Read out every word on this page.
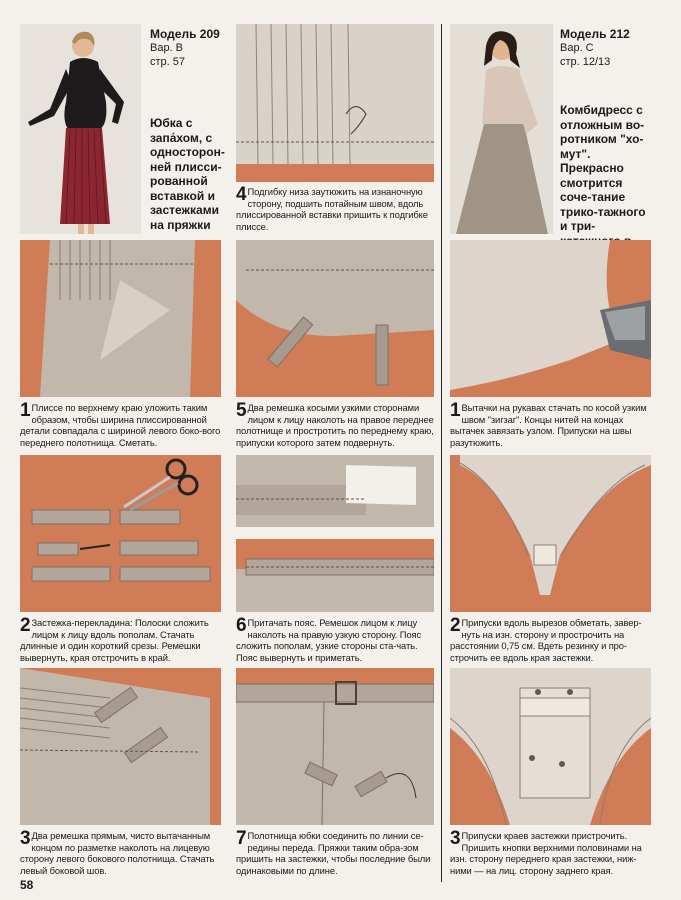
Модель 209
Вар. В
стр. 57
Юбка с запа́хом, с односторон-ней плисси-рованной вставкой и застежками на пряжки
4 Подгибку низа заутюжить на изнаночную сторону, подшить потайным швом, вдоль плиссированной вставки пришить к подгибке плиссе.
Модель 212
Вар. С
стр. 12/13
Комбидресс с отложным во-ротником "хо-мут". Прекрасно смотрится соче-тание трико-тажного и три-
1 Плиссе по верхнему краю уложить таким образом, чтобы ширина плиссированной детали совпадала с шириной левого боко-вого переднего полотнища. Сметать.
5 Два ремешка косыми узкими сторонами лицом к лицу наколоть на правое переднее полотнище и простротить по переднему краю, припуски которого затем подвернуть.
1 Вытачки на рукавах стачать по косой узким швом "зигзаг". Концы нитей на концах вытачек завязать узлом. Припуски на швы разутюжить.
2 Застежка-перекладина: Полоски сложить лицом к лицу вдоль пополам. Стачать длинные и один короткий срезы. Ремешки вывернуть, края отстрочить в край.
6 Притачать пояс. Ремешок лицом к лицу наколоть на правую узкую сторону. Пояс сложить пополам, узкие стороны ста-чать. Пояс вывернуть и приметать.
2 Припуски вдоль вырезов обметать, завер-нуть на изн. сторону и прострочить на расстоянии 0,75 см. Вдеть резинку и про-строчить ее вдоль края застежки.
3 Два ремешка прямым, чисто вытачанным концом по разметке наколоть на лицевую сторону левого бокового полотнища. Стачать левый боковой шов.
7 Полотнища юбки соединить по линии се-редины переда. Пряжки таким обра-зом пришить на застежки, чтобы последние были одинаковыми по длине.
3 Припуски краев застежки пристрочить. Пришить кнопки верхними половинами на изн. сторону переднего края застежки, ниж-ними — на лиц. сторону заднего края.
58
